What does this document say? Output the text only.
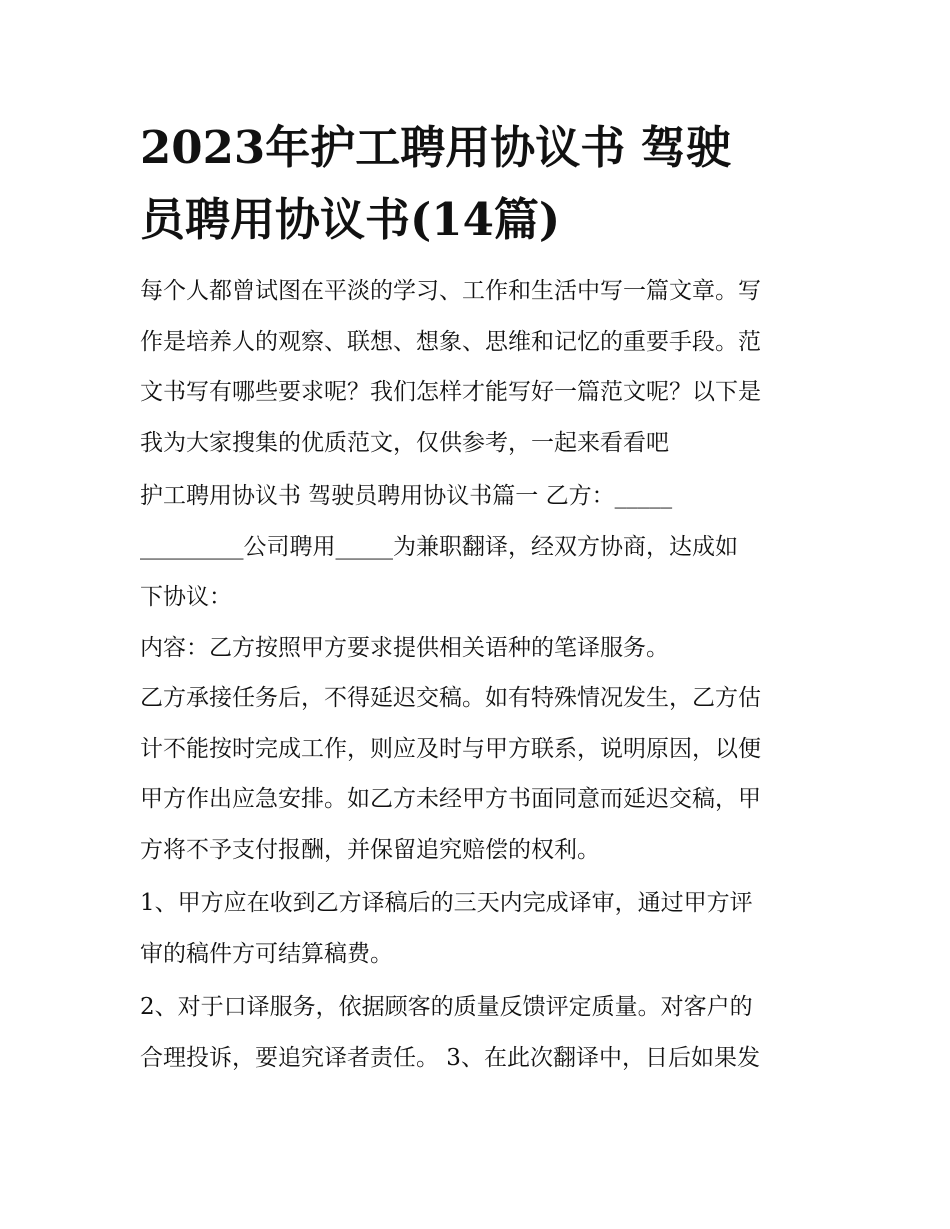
2023年护工聘用协议书 驾驶
员聘用协议书(14篇)

每个人都曾试图在平淡的学习、工作和生活中写一篇文章。写
作是培养人的观察、联想、想象、思维和记忆的重要手段。范
文书写有哪些要求呢？我们怎样才能写好一篇范文呢？以下是
我为大家搜集的优质范文，仅供参考，一起来看看吧

护工聘用协议书 驾驶员聘用协议书篇一 乙方：_____
_________公司聘用_____为兼职翻译，经双方协商，达成如
下协议：

内容：乙方按照甲方要求提供相关语种的笔译服务。

乙方承接任务后，不得延迟交稿。如有特殊情况发生，乙方估
计不能按时完成工作，则应及时与甲方联系，说明原因，以便
甲方作出应急安排。如乙方未经甲方书面同意而延迟交稿，甲
方将不予支付报酬，并保留追究赔偿的权利。

1、甲方应在收到乙方译稿后的三天内完成译审，通过甲方评
审的稿件方可结算稿费。

2、对于口译服务，依据顾客的质量反馈评定质量。对客户的
合理投诉，要追究译者责任。 3、在此次翻译中，日后如果发
